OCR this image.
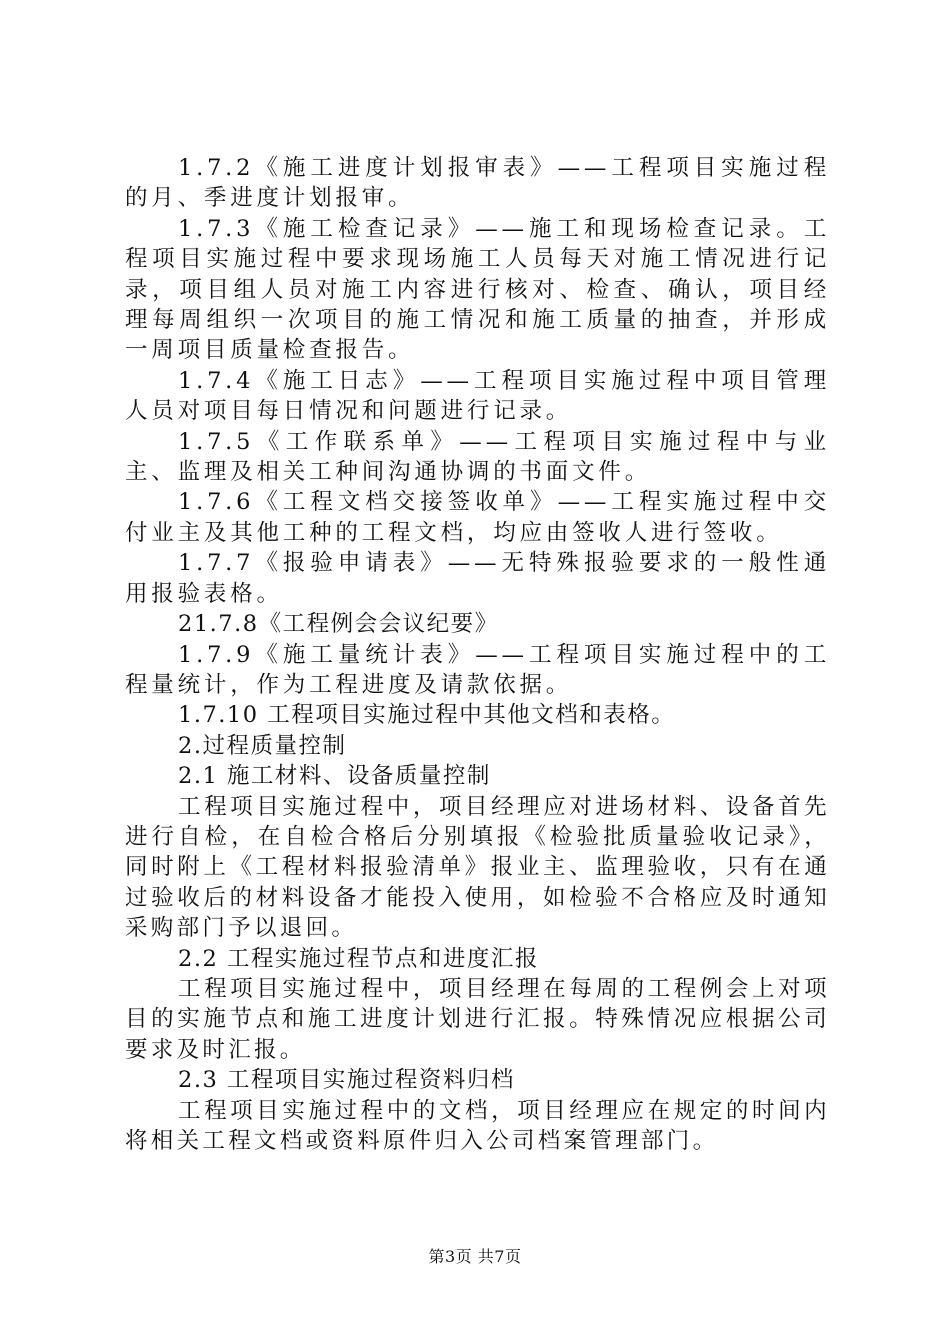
1.7.2《施工进度计划报审表》——工程项目实施过程的月、季进度计划报审。

1.7.3《施工检查记录》——施工和现场检查记录。工程项目实施过程中要求现场施工人员每天对施工情况进行记录，项目组人员对施工内容进行核对、检查、确认，项目经理每周组织一次项目的施工情况和施工质量的抽查，并形成一周项目质量检查报告。

1.7.4《施工日志》——工程项目实施过程中项目管理人员对项目每日情况和问题进行记录。

1.7.5《工作联系单》——工程项目实施过程中与业主、监理及相关工种间沟通协调的书面文件。

1.7.6《工程文档交接签收单》——工程实施过程中交付业主及其他工种的工程文档，均应由签收人进行签收。

1.7.7《报验申请表》——无特殊报验要求的一般性通用报验表格。

21.7.8《工程例会会议纪要》

1.7.9《施工量统计表》——工程项目实施过程中的工程量统计，作为工程进度及请款依据。

1.7.10 工程项目实施过程中其他文档和表格。

2.过程质量控制

2.1 施工材料、设备质量控制

工程项目实施过程中，项目经理应对进场材料、设备首先进行自检，在自检合格后分别填报《检验批质量验收记录》，同时附上《工程材料报验清单》报业主、监理验收，只有在通过验收后的材料设备才能投入使用，如检验不合格应及时通知采购部门予以退回。

2.2 工程实施过程节点和进度汇报

工程项目实施过程中，项目经理在每周的工程例会上对项目的实施节点和施工进度计划进行汇报。特殊情况应根据公司要求及时汇报。

2.3 工程项目实施过程资料归档

工程项目实施过程中的文档，项目经理应在规定的时间内将相关工程文档或资料原件归入公司档案管理部门。

第3页 共7页
